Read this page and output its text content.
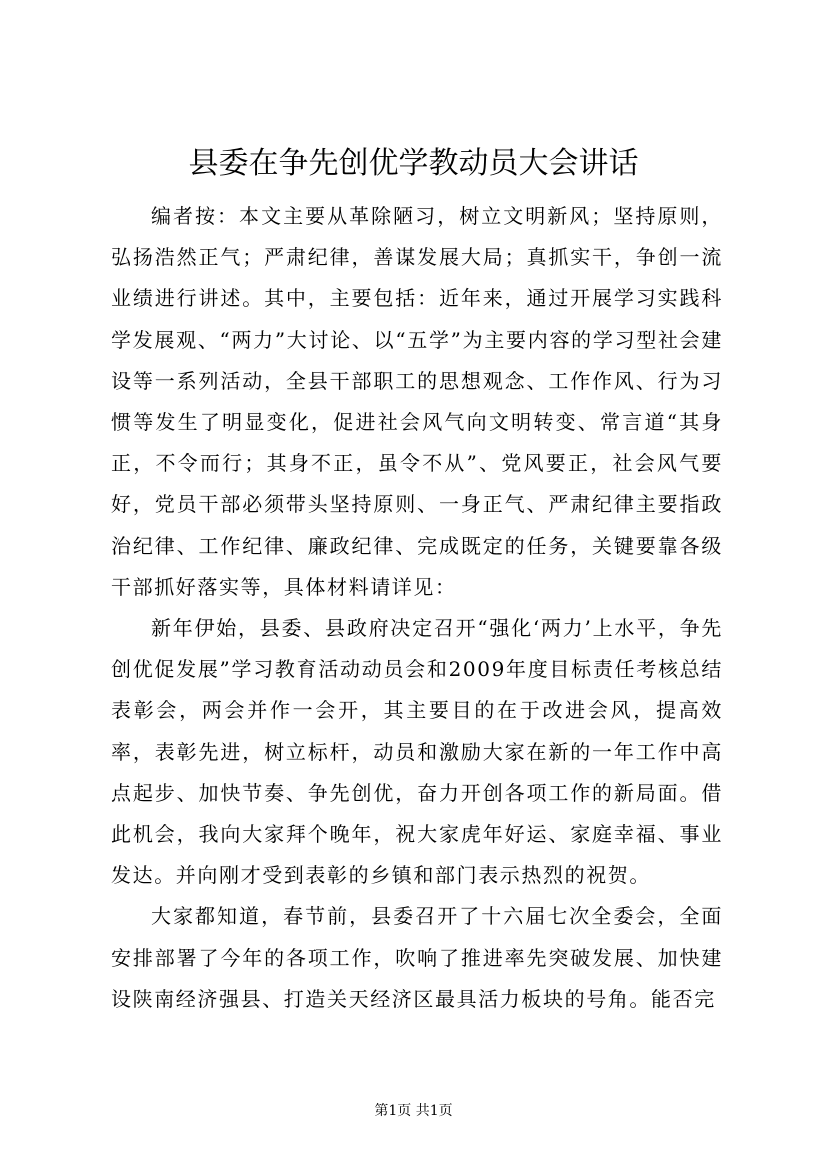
县委在争先创优学教动员大会讲话

编者按：本文主要从革除陋习，树立文明新风；坚持原则，弘扬浩然正气；严肃纪律，善谋发展大局；真抓实干，争创一流业绩进行讲述。其中，主要包括：近年来，通过开展学习实践科学发展观、“两力”大讨论、以“五学”为主要内容的学习型社会建设等一系列活动，全县干部职工的思想观念、工作作风、行为习惯等发生了明显变化，促进社会风气向文明转变、常言道“其身正，不令而行；其身不正，虽令不从”、党风要正，社会风气要好，党员干部必须带头坚持原则、一身正气、严肃纪律主要指政治纪律、工作纪律、廉政纪律、完成既定的任务，关键要靠各级干部抓好落实等，具体材料请详见：

新年伊始，县委、县政府决定召开“强化‘两力’上水平，争先创优促发展”学习教育活动动员会和2009年度目标责任考核总结表彰会，两会并作一会开，其主要目的在于改进会风，提高效率，表彰先进，树立标杆，动员和激励大家在新的一年工作中高点起步、加快节奏、争先创优，奋力开创各项工作的新局面。借此机会，我向大家拜个晚年，祝大家虎年好运、家庭幸福、事业发达。并向刚才受到表彰的乡镇和部门表示热烈的祝贺。

大家都知道，春节前，县委召开了十六届七次全委会，全面安排部署了今年的各项工作，吹响了推进率先突破发展、加快建设陕南经济强县、打造关天经济区最具活力板块的号角。能否完

第1页 共1页
